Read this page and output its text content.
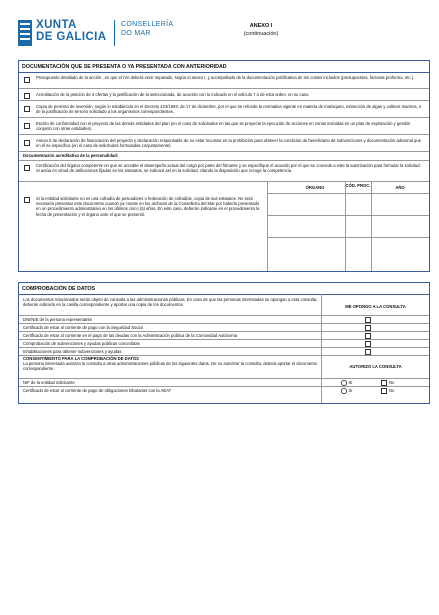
XUNTA
DE GALICIA
CONSELLERÍA
DO MAR
ANEXO I
(continuación)
DOCUMENTACIÓN QUE SE PRESENTA O YA PRESENTADA CON ANTERIORIDAD
Presupuesto detallado de la acción , en que el IVA deberá venir separado, según el anexo I, y acompañado de la documentación justificativa de los costes incluidos (presupuestos, facturas proforma, etc.).
Acreditación de la petición de 3 ofertas y la justificación de la seleccionada, de acuerdo con lo indicado en el artículo 7.4 de esta orden, en su caso.
Copia de permiso de inversión, según lo establecido en el Decreto 423/1993, de 17 de diciembre, por el que se refunde la normativa vigente en materia de marisqueo, extracción de algas y cultivos marinos, o de la justificación de terrorio solicitado a los organismos correspondientes.
Escrito de conformidad con el proyecto de las demás entidades del plan (en el caso de solicitudes en las que se proyecte la ejecución de acciones en zonas incluidas en un plan de explotación y gestión conjunto con otras entidades).
Anexo II de declaración de financiación del proyecto y declaración responsable de no estar incursas en la prohibición para obtener la condición de beneficiario de subvenciones y documentación adicional que en él se especifica (en el caso de solicitudes formuladas conjuntamente)
Documentación acreditativa de la personalidad:
Certificación del órgano competente en que se acredite el desempeño actual del cargo por parte del firmante y se especifique el acuerdo por el que se concede a este la autorización para formular la solicitud. Si actúa en virtud de atribuciones fijadas en los estatutos, se indicará así en la solicitud, citando la disposición que recoge la competencia.
ÓRGANO	CÓD. PROC.	AÑO
Si la entidad solicitante no es una cofradía de pescadores o federación de cofradías, copia de sus estatutos. No será necesario presentar este documento cuando ya conste en los archivos de la Consellería del Mar por haberlo presentado en un procedimiento administrativo en los últimos cinco (5) años. En este caso, deberán indicarse en el procedimiento la fecha de presentación y el órgano ante el que se presentó.
COMPROBACIÓN DE DATOS
Los documentos relacionados serán objeto de consulta a las administraciones públicas. En caso de que las personas interesadas se opongan a esta consulta, deberán indicarlo en la casilla correspondiente y aportar una copia de los documentos.	ME OPONGO A LA CONSULTA
DNI/NIE de la persona representante
Certificado de estar al corriente de pago con la Seguridad Social
Certificado de estar al corriente en el pago de las deudas con la Administración pública de la Comunidad Autónoma
Comprobación de subvenciones y ayudas públicas concedidas
Inhabilitaciones para obtener subvenciones y ayudas
CONSENTIMIENTO PARA LA COMPROBACIÓN DE DATOS
La persona interesada autoriza la consulta a otras administraciones públicas de los siguientes datos. De no autorizar la consulta, deberá aportar el documento correspondiente.	AUTORIZO LA CONSULTA
NIF de la entidad solicitante	Sí	No
Certificado de estar al corriente de pago de obligaciones tributarias con la AEAT	Sí	No
